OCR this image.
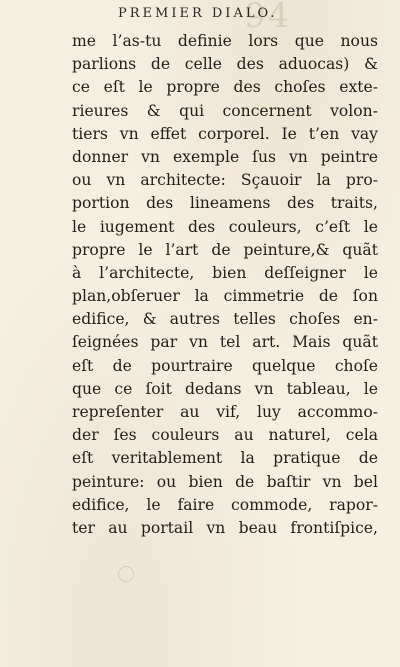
94
PREMIER DIALO.
me l’as-tu definie lors que nous
parlions de celle des aduocas) &
ce eſt le propre des choſes exte-
rieures & qui concernent volon-
tiers vn effet corporel. Ie t’en vay
donner vn exemple ſus vn peintre
ou vn architecte: Sçauoir la pro-
portion des lineamens des traits,
le iugement des couleurs, c’eſt le
propre le l’art de peinture,& quãt
à l’architecte, bien deſſeigner le
plan,obſeruer la cimmetrie de ſon
edifice, & autres telles choſes en-
ſeignées par vn tel art. Mais quãt
eſt de pourtraire quelque choſe
que ce ſoit dedans vn tableau, le
repreſenter au vif, luy accommo-
der ſes couleurs au naturel, cela
eſt veritablement la pratique de
peinture: ou bien de baſtir vn bel
edifice, le faire commode, rapor-
ter au portail vn beau frontiſpice,
